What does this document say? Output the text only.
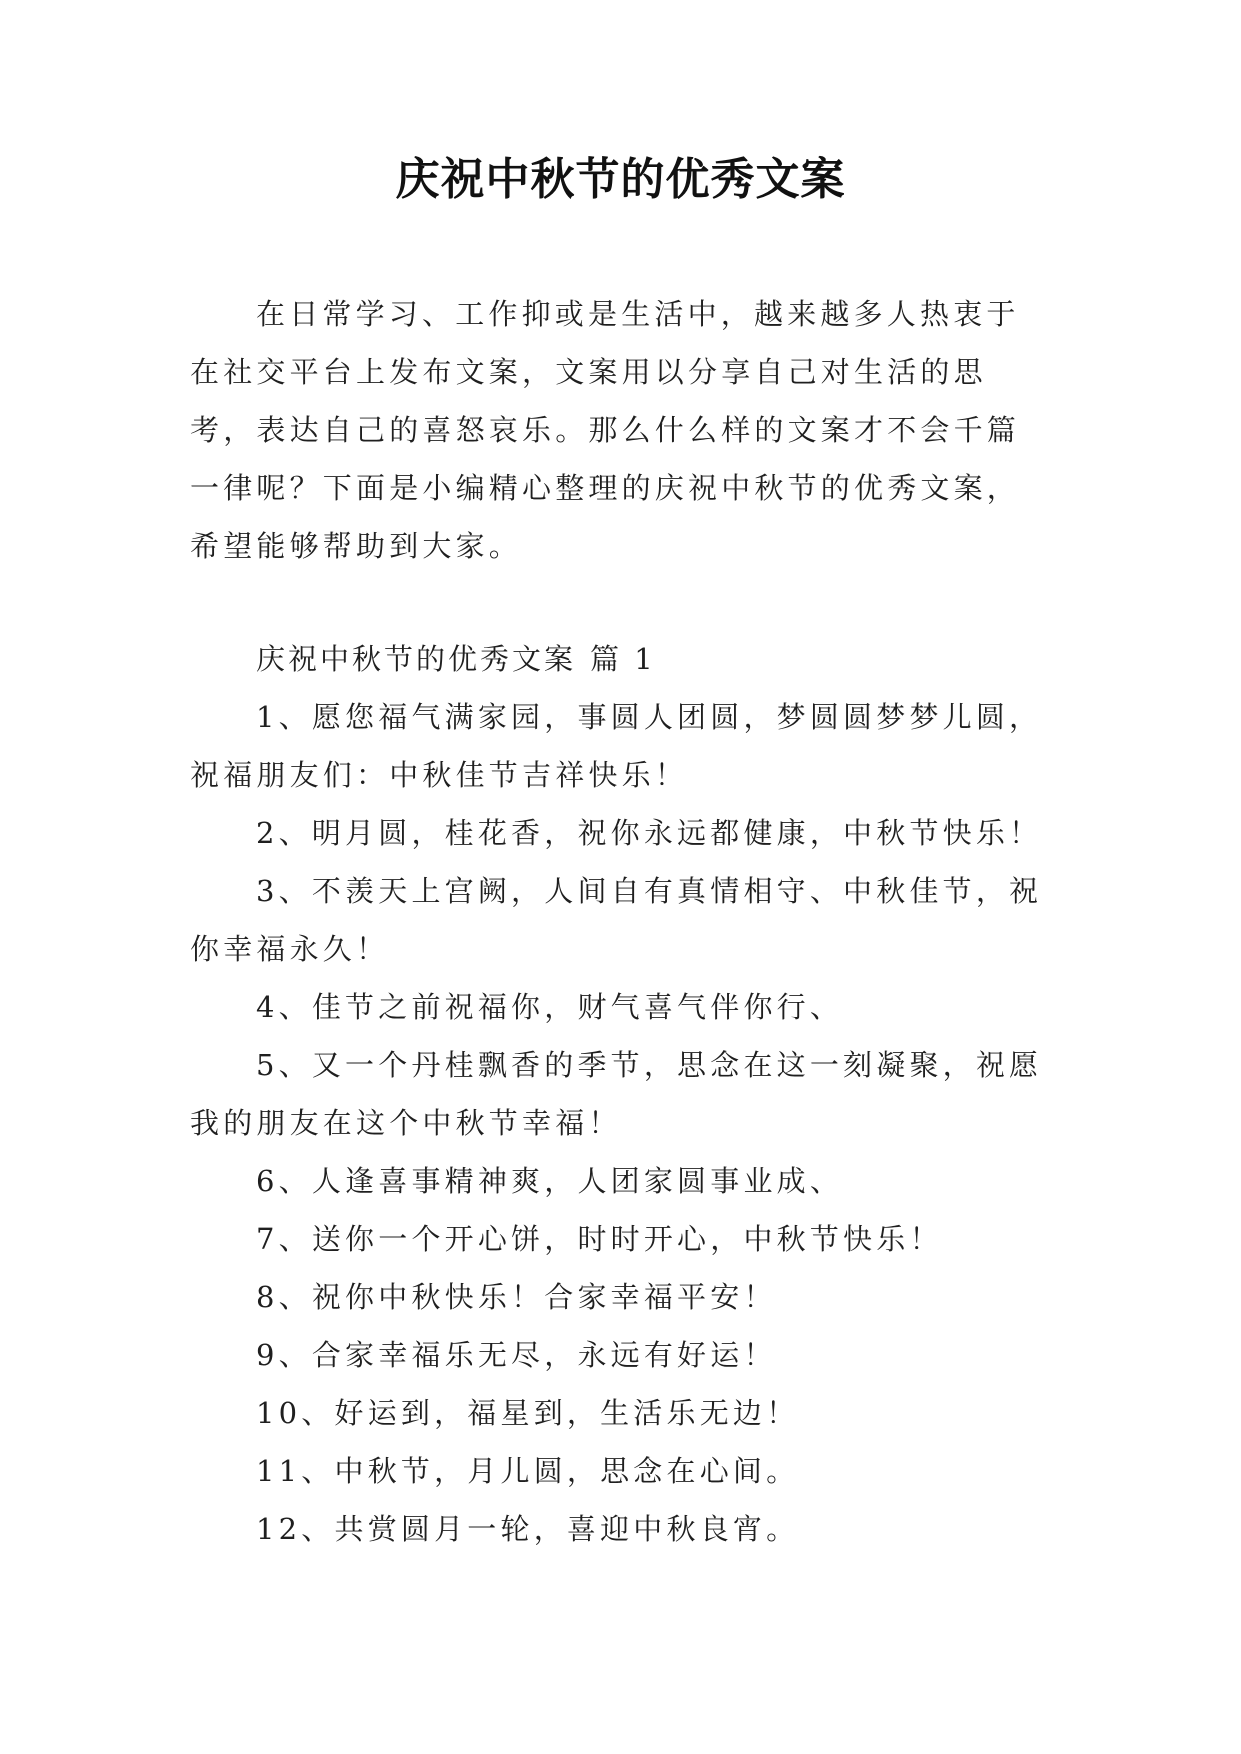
庆祝中秋节的优秀文案
在日常学习、工作抑或是生活中，越来越多人热衷于在社交平台上发布文案，文案用以分享自己对生活的思考，表达自己的喜怒哀乐。那么什么样的文案才不会千篇一律呢？下面是小编精心整理的庆祝中秋节的优秀文案，希望能够帮助到大家。

庆祝中秋节的优秀文案 篇 1

1、愿您福气满家园，事圆人团圆，梦圆圆梦梦儿圆，祝福朋友们：中秋佳节吉祥快乐！

2、明月圆，桂花香，祝你永远都健康，中秋节快乐！

3、不羡天上宫阙，人间自有真情相守、中秋佳节，祝你幸福永久！

4、佳节之前祝福你，财气喜气伴你行、

5、又一个丹桂飘香的季节，思念在这一刻凝聚，祝愿我的朋友在这个中秋节幸福！

6、人逢喜事精神爽，人团家圆事业成、

7、送你一个开心饼，时时开心，中秋节快乐！

8、祝你中秋快乐！合家幸福平安！

9、合家幸福乐无尽，永远有好运！

10、好运到，福星到，生活乐无边！

11、中秋节，月儿圆，思念在心间。

12、共赏圆月一轮，喜迎中秋良宵。
